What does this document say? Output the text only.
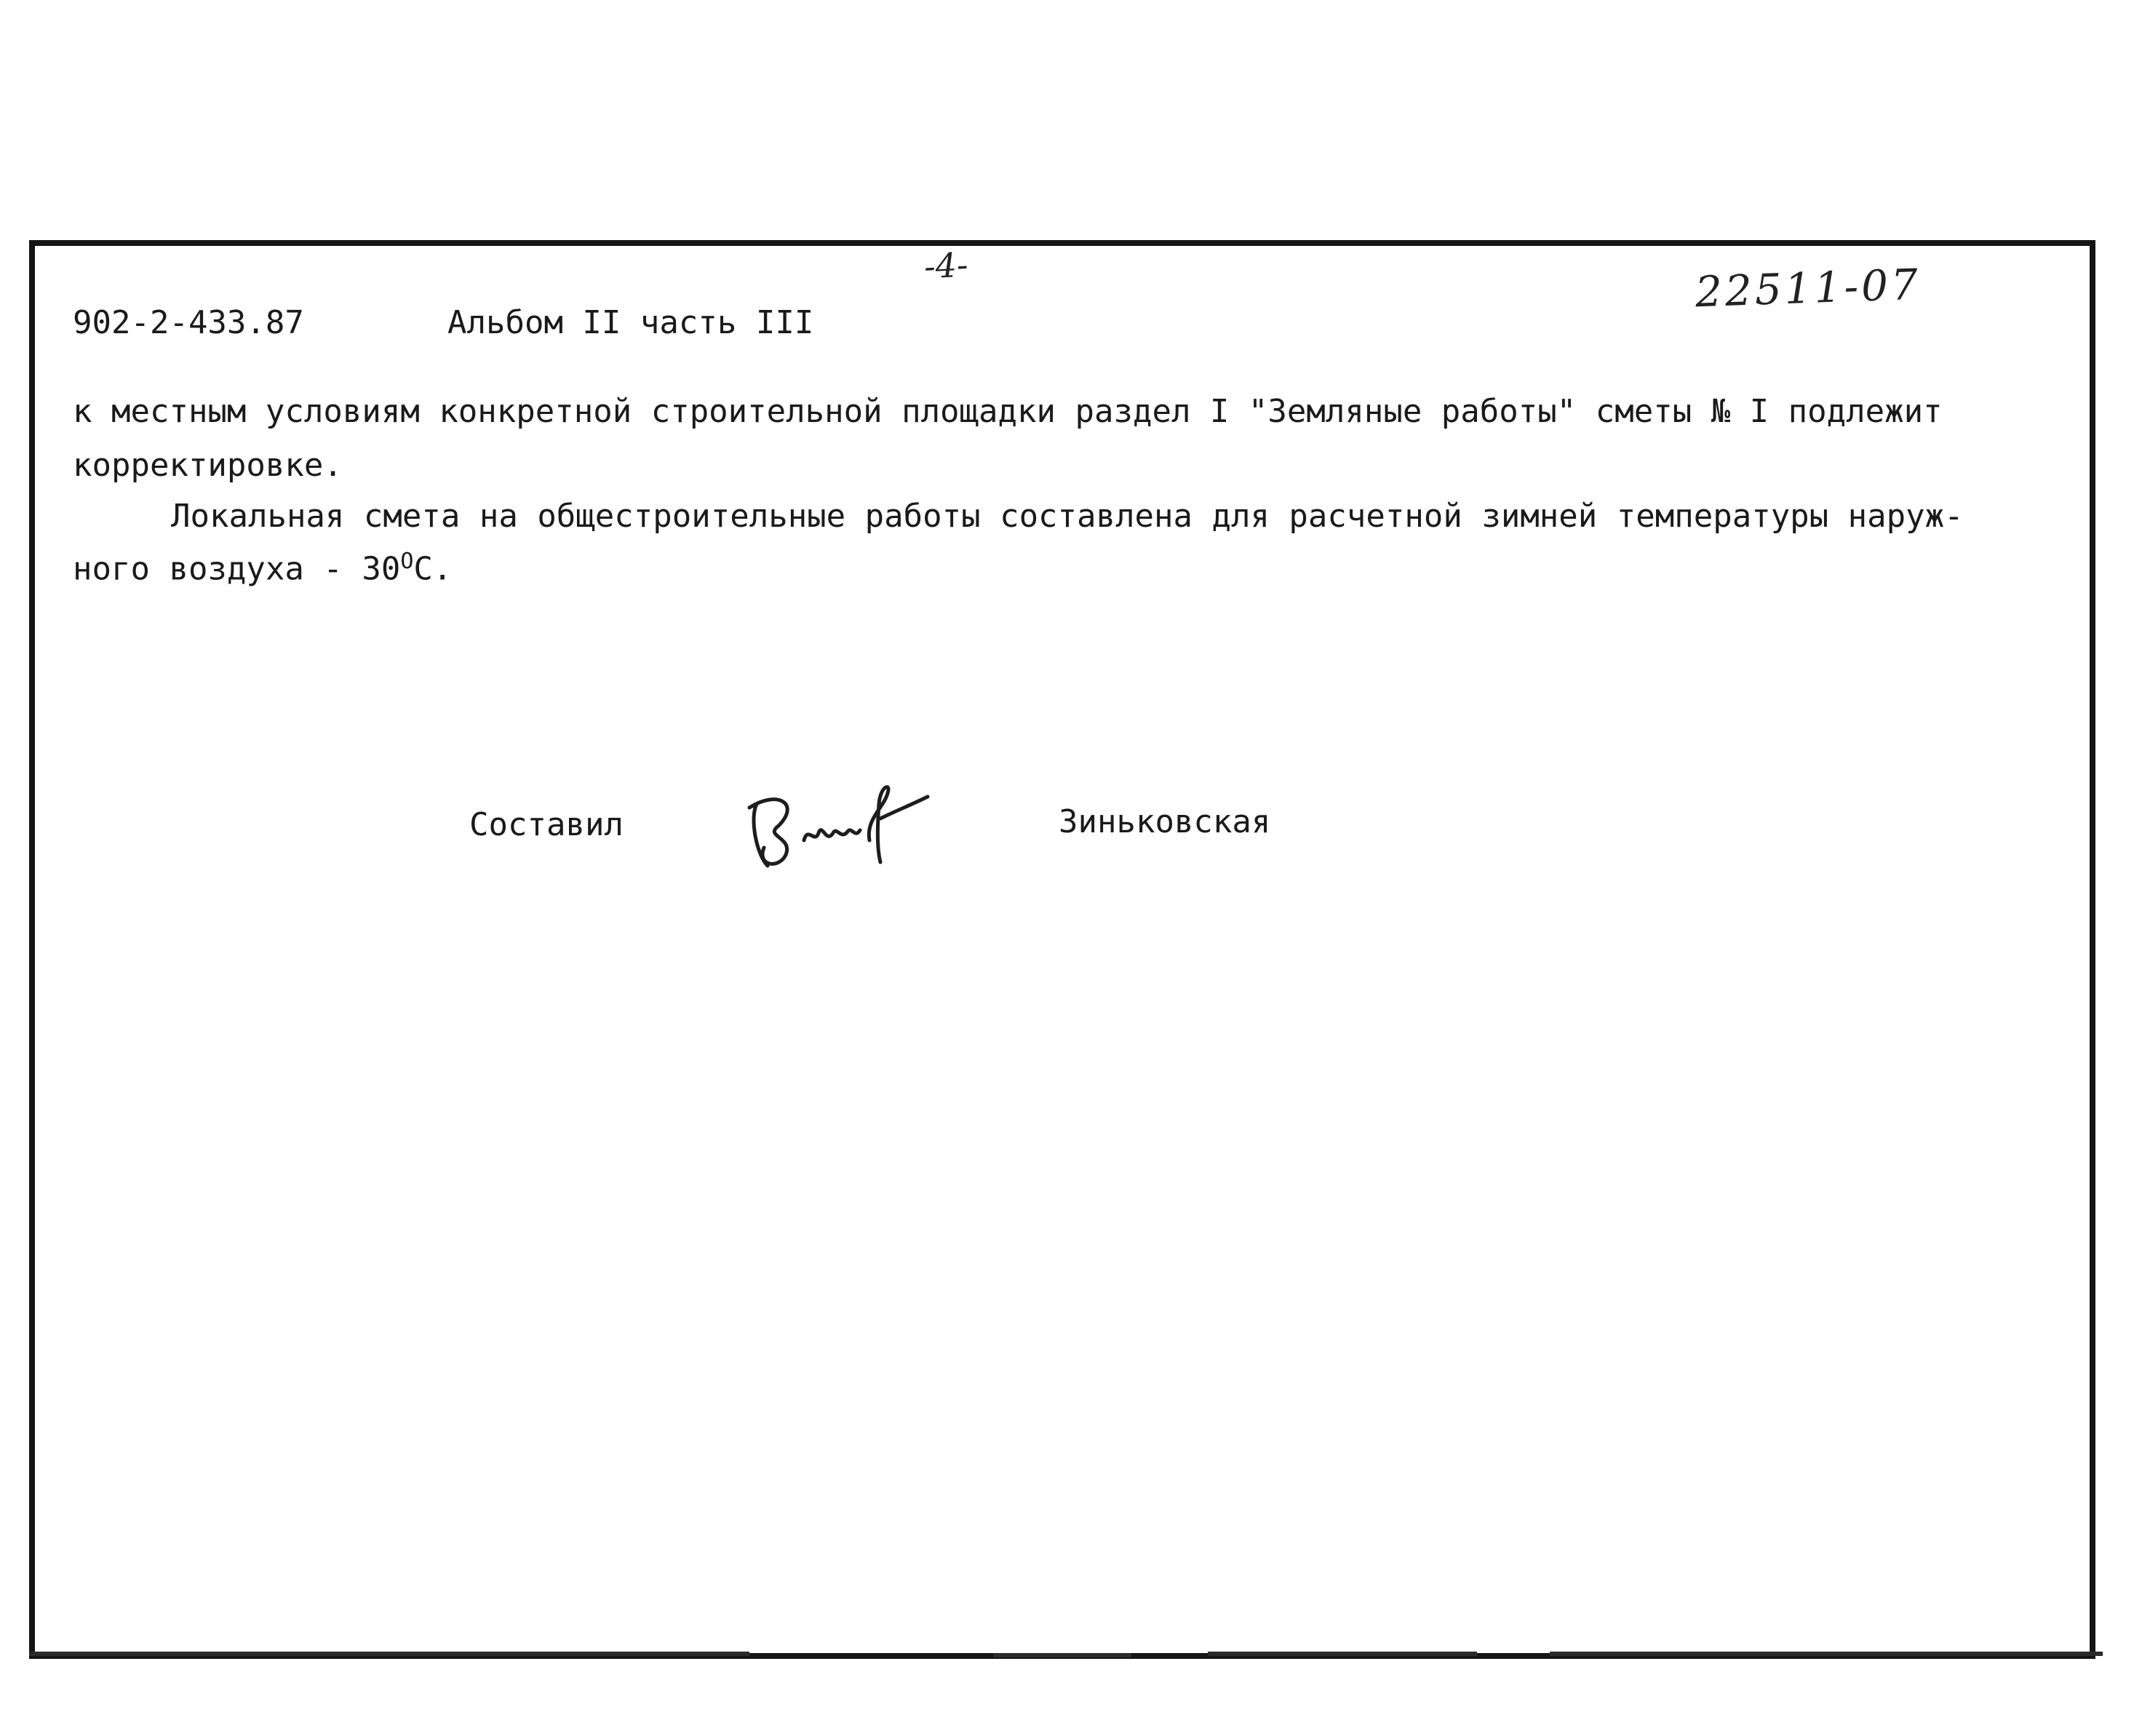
-4-	22511-07
902-2-433.87	Альбом II часть III
к местным условиям конкретной строительной площадки раздел I "Земляные работы" сметы № I подлежит
корректировке.
Локальная смета на общестроительные работы составлена для расчетной зимней температуры наруж-
ного воздуха - $30^OC$.
Составил	Зиньковская
